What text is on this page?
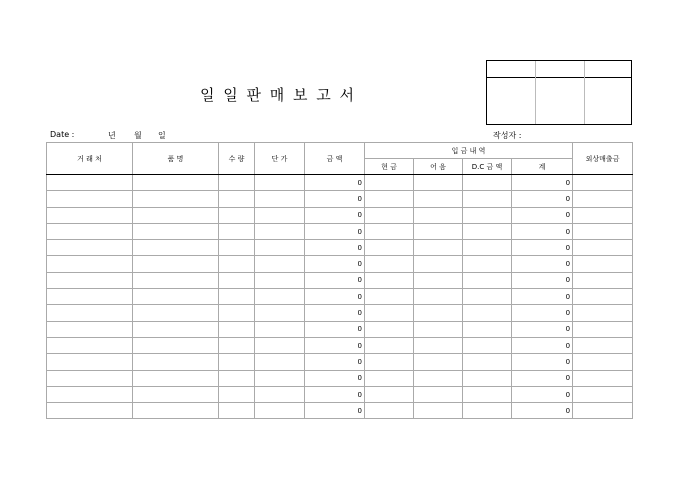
일 일 판 매 보 고 서
Date :	년 월 일	작성자 :
거 래 처	품 명	수 량	단 가	금 액	입 금 내 역				외상매출금
					현 금	어 음	D.C 금 액	계	
				0				0	
				0				0	
				0				0	
				0				0	
				0				0	
				0				0	
				0				0	
				0				0	
				0				0	
				0				0	
				0				0	
				0				0	
				0				0	
				0				0	
				0				0	
